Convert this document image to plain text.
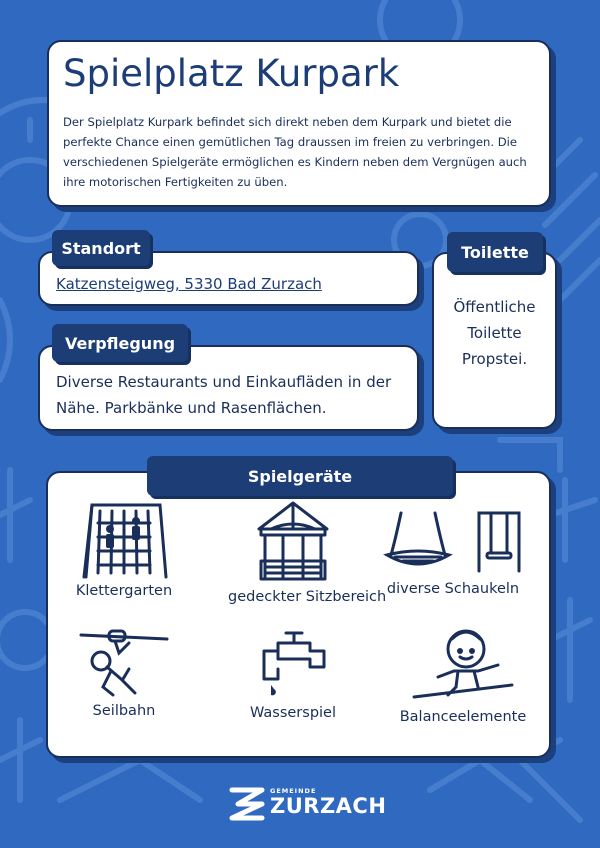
Spielplatz Kurpark
Der Spielplatz Kurpark befindet sich direkt neben dem Kurpark und bietet die perfekte Chance einen gemütlichen Tag draussen im freien zu verbringen. Die verschiedenen Spielgeräte ermöglichen es Kindern neben dem Vergnügen auch ihre motorischen Fertigkeiten zu üben.
Katzensteigweg, 5330 Bad Zurzach
Standort
Diverse Restaurants und Einkaufläden in der Nähe. Parkbänke und Rasenflächen.
Verpflegung
Öffentliche Toilette Propstei.
Toilette
Klettergarten	gedeckter Sitzbereich diverse Schaukeln
Seilbahn	Wasserspiel	Balanceelemente
Spielgeräte
GEMEINDE
ZURZACH
